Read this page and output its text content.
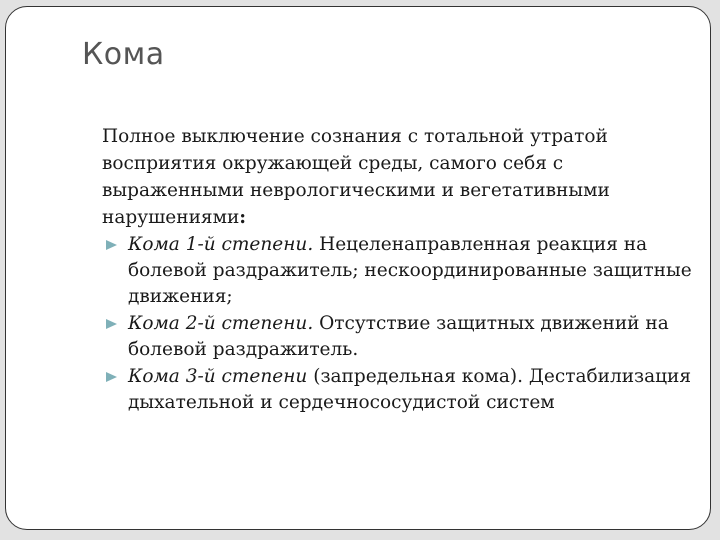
Кома

Полное выключение сознания с тотальной утратой восприятия окружающей среды, самого себя с выраженными неврологическими и вегетативными нарушениями:

Кома 1-й степени. Нецеленаправленная реакция на болевой раздражитель; нескоординированные защитные движения;
Кома 2-й степени. Отсутствие защитных движений на болевой раздражитель.
Кома 3-й степени (запредельная кома). Дестабилизация дыхательной и сердечнососудистой систем
